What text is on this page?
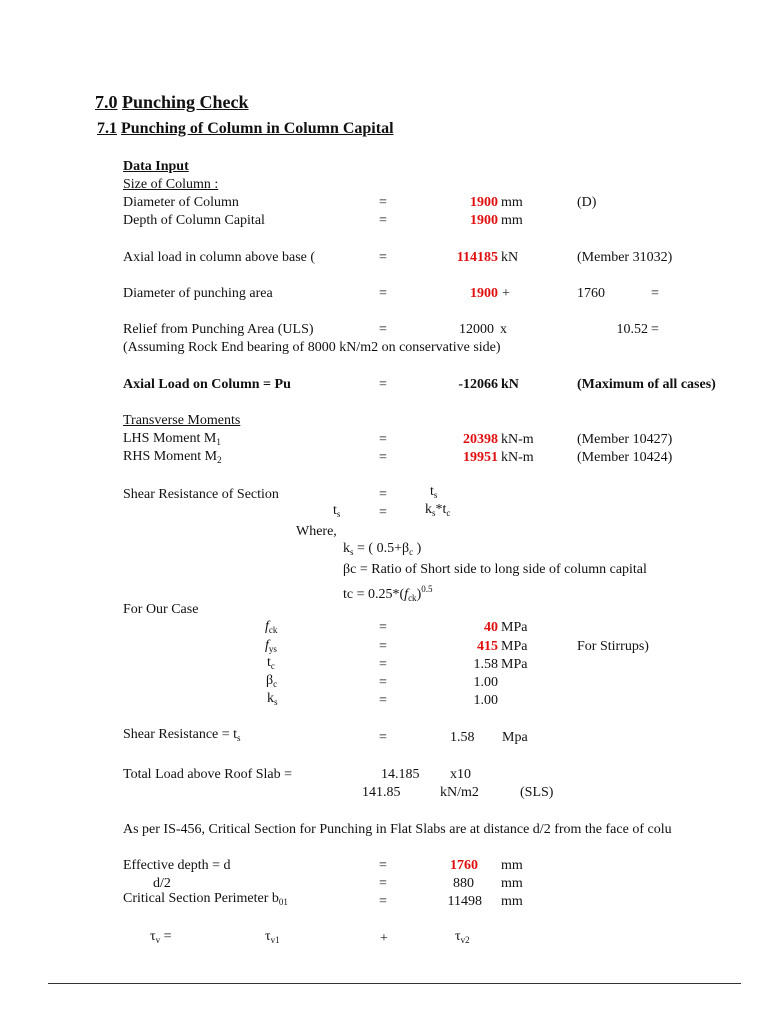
7.0 Punching Check
7.1 Punching of Column in Column Capital
Data Input
Size of Column :
Diameter of Column	=	1900 mm	(D)
Depth of Column Capital	=	1900 mm
Axial load in column above base (	=	114185 kN	(Member 31032)
Diameter of punching area	=	1900 +	1760	=
Relief from Punching Area (ULS)	=	12000 x	10.52 =
(Assuming Rock End bearing of 8000 kN/m2 on conservative side)
Axial Load on Column = Pu	=	-12066 kN	(Maximum of all cases)
Transverse Moments
LHS Moment $M_1$	=	20398 kN-m	(Member 10427)
RHS Moment $M_2$	=	19951 kN-m	(Member 10424)
Shear Resistance of Section	=	$t_s$
$t_s$	=	$k_s*t_c$
Where,
$k_s$ = ( $0.5+\beta_c$ )
βc = Ratio of Short side to long side of column capital
tc = $0.25*(f_{ck})^{0.5}$
For Our Case
$f_{ck}$	=	40 MPa
$f_{ys}$	=	415 MPa	For Stirrups)
$t_c$	=	1.58 MPa
$\beta_c$	=	1.00
$k_s$	=	1.00
Shear Resistance = $t_s$	=	1.58 Mpa
Total Load above Roof Slab =	14.185 x10
141.85	kN/m2	(SLS)
As per IS-456, Critical Section for Punching in Flat Slabs are at distance d/2 from the face of colu
Effective depth = d	=	1760 mm
d/2	=	880 mm
Critical Section Perimeter $b_{01}$	=	11498 mm
$\tau_v$ =	$\tau_{v1}$	+	$\tau_{v2}$
